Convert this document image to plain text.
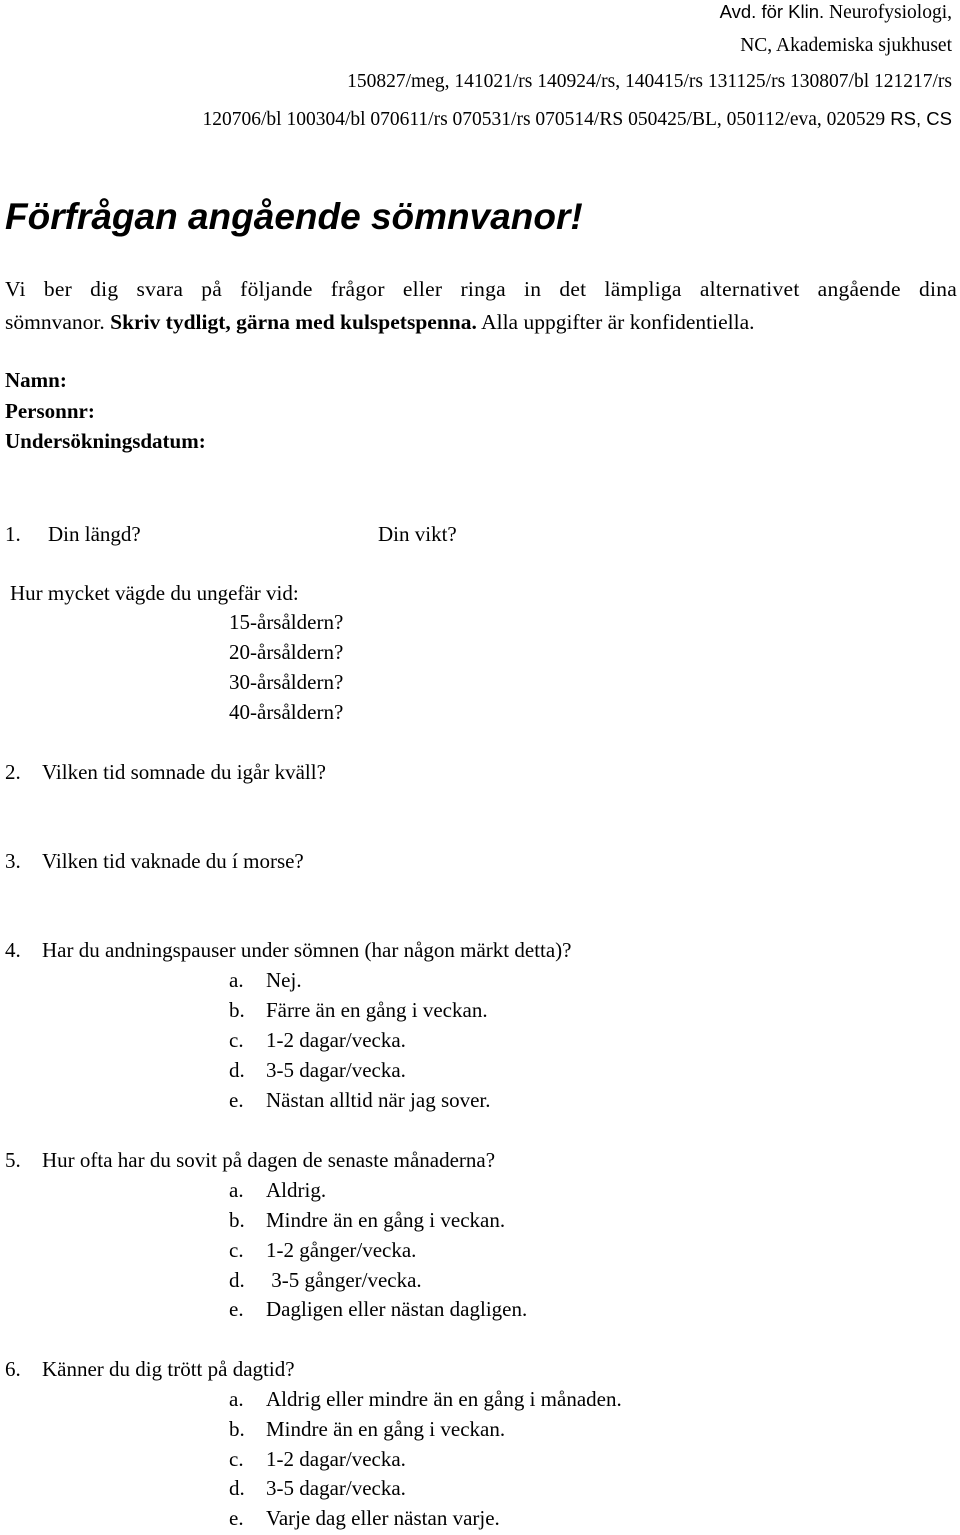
Avd. för Klin. Neurofysiologi,
NC, Akademiska sjukhuset
150827/meg, 141021/rs 140924/rs, 140415/rs 131125/rs 130807/bl 121217/rs
120706/bl 100304/bl 070611/rs 070531/rs 070514/RS 050425/BL, 050112/eva, 020529 RS, CS
Förfrågan angående sömnvanor!
Vi ber dig svara på följande frågor eller ringa in det lämpliga alternativet angående dina
sömnvanor. Skriv tydligt, gärna med kulspetspenna. Alla uppgifter är konfidentiella.
Namn:
Personnr:
Undersökningsdatum:
1. Din längd?	Din vikt?
Hur mycket vägde du ungefär vid:
15-årsåldern?
20-årsåldern?
30-årsåldern?
40-årsåldern?
2. Vilken tid somnade du igår kväll?
3. Vilken tid vaknade du í morse?
4. Har du andningspauser under sömnen (har någon märkt detta)?
a. Nej.
b. Färre än en gång i veckan.
c. 1-2 dagar/vecka.
d. 3-5 dagar/vecka.
e. Nästan alltid när jag sover.
5. Hur ofta har du sovit på dagen de senaste månaderna?
a. Aldrig.
b. Mindre än en gång i veckan.
c. 1-2 gånger/vecka.
d. 3-5 gånger/vecka.
e. Dagligen eller nästan dagligen.
6. Känner du dig trött på dagtid?
a. Aldrig eller mindre än en gång i månaden.
b. Mindre än en gång i veckan.
c. 1-2 dagar/vecka.
d. 3-5 dagar/vecka.
e. Varje dag eller nästan varje.
